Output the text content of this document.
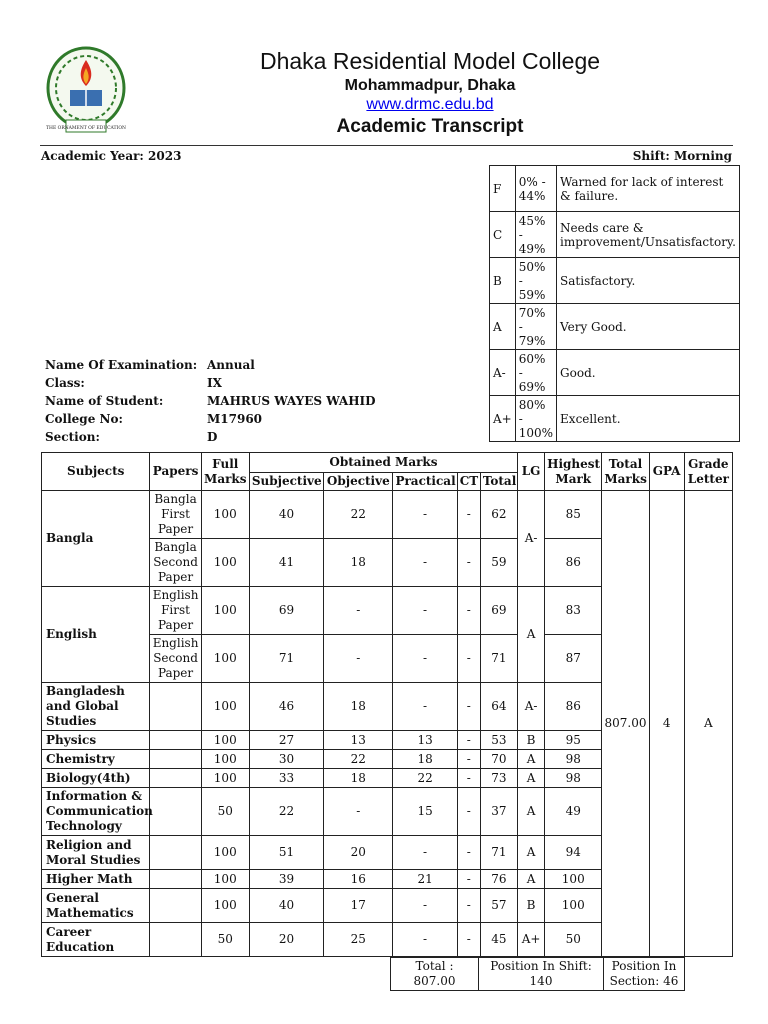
THE ORNAMENT OF EDUCATION
Dhaka Residential Model College
Mohammadpur, Dhaka
www.drmc.edu.bd
Academic Transcript
Academic Year: 2023	Shift: Morning
F	0% - 44%	Warned for lack of interest & failure.
C	45% - 49%	Needs care & improvement/Unsatisfactory.
B	50% - 59%	Satisfactory.
A	70% - 79%	Very Good.
A-	60% - 69%	Good.
A+	80% - 100%	Excellent.
Name Of Examination:	Annual
Class:	IX
Name of Student:	MAHRUS WAYES WAHID
College No:	M17960
Section:	D
Subjects	Papers	Full Marks	Obtained Marks					LG	Highest Mark	Total Marks	GPA	Grade Letter
			Subjective	Objective	Practical	CT	Total					
Bangla	Bangla First Paper	100	40	22	-	-	62	A-	85	807.00	4	A
	Bangla Second Paper	100	41	18	-	-	59		86			
English	English First Paper	100	69	-	-	-	69	A	83			
	English Second Paper	100	71	-	-	-	71		87			
Bangladesh and Global Studies		100	46	18	-	-	64	A-	86			
Physics		100	27	13	13	-	53	B	95			
Chemistry		100	30	22	18	-	70	A	98			
Biology(4th)		100	33	18	22	-	73	A	98			
Information & Communication Technology		50	22	-	15	-	37	A	49			
Religion and Moral Studies		100	51	20	-	-	71	A	94			
Higher Math		100	39	16	21	-	76	A	100			
General Mathematics		100	40	17	-	-	57	B	100			
Career Education		50	20	25	-	-	45	A+	50			
Total : 807.00	Position In Shift: 140	Position In Section: 46
